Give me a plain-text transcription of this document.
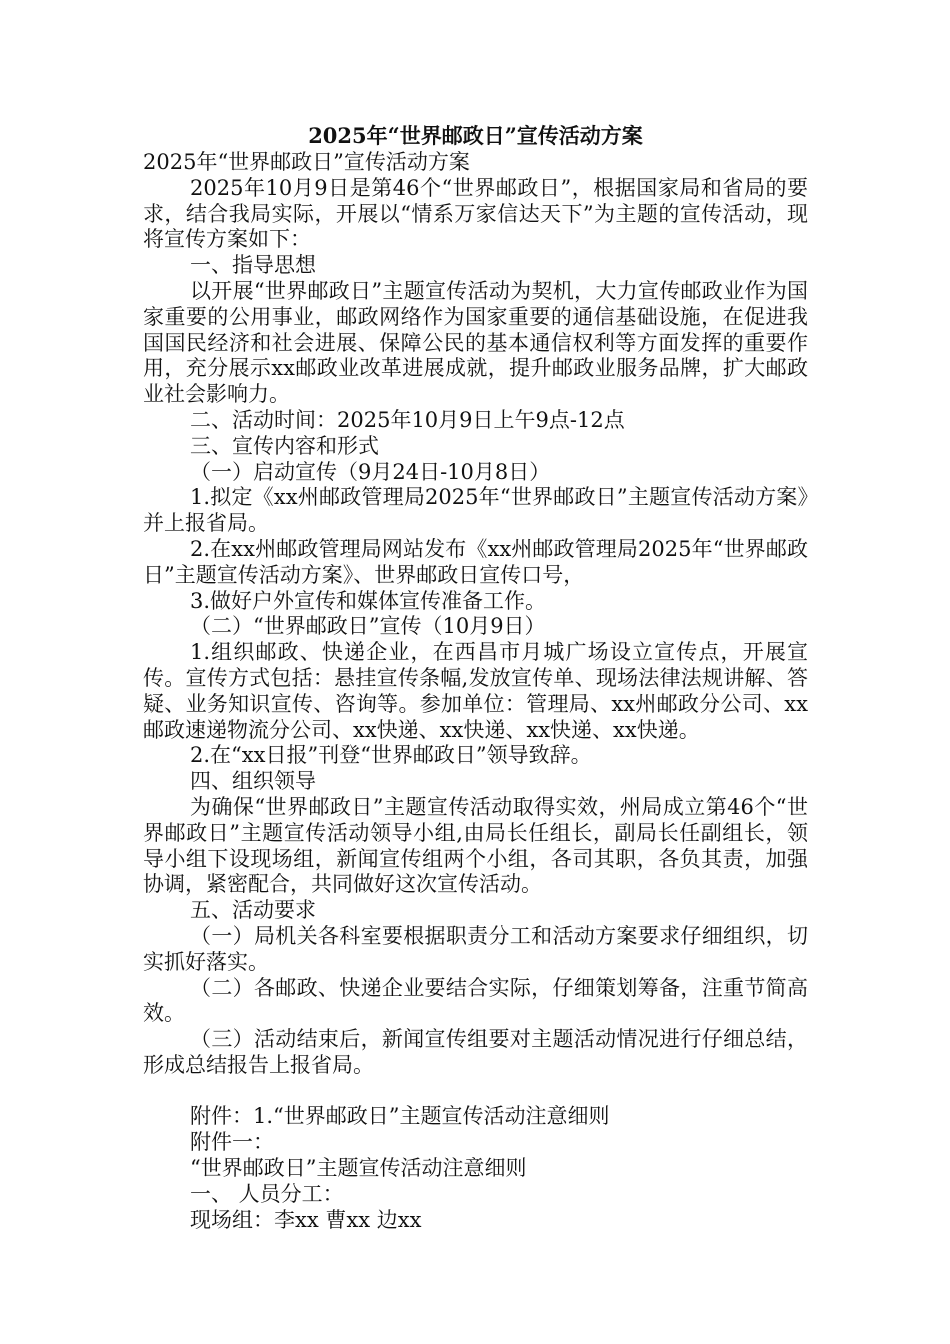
2025年“世界邮政日”宣传活动方案

2025年“世界邮政日”宣传活动方案

2025年10月9日是第46个“世界邮政日”，根据国家局和省局的要求，结合我局实际，开展以“情系万家信达天下”为主题的宣传活动，现将宣传方案如下：

一、指导思想

以开展“世界邮政日”主题宣传活动为契机，大力宣传邮政业作为国家重要的公用事业，邮政网络作为国家重要的通信基础设施，在促进我国国民经济和社会进展、保障公民的基本通信权利等方面发挥的重要作用，充分展示xx邮政业改革进展成就，提升邮政业服务品牌，扩大邮政业社会影响力。

二、活动时间：2025年10月9日上午9点-12点

三、宣传内容和形式

（一）启动宣传（9月24日-10月8日）

1.拟定《xx州邮政管理局2025年“世界邮政日”主题宣传活动方案》并上报省局。

2.在xx州邮政管理局网站发布《xx州邮政管理局2025年“世界邮政日”主题宣传活动方案》、世界邮政日宣传口号，

3.做好户外宣传和媒体宣传准备工作。

（二）“世界邮政日”宣传（10月9日）

1.组织邮政、快递企业，在西昌市月城广场设立宣传点，开展宣传。宣传方式包括：悬挂宣传条幅,发放宣传单、现场法律法规讲解、答疑、业务知识宣传、咨询等。参加单位：管理局、xx州邮政分公司、xx邮政速递物流分公司、xx快递、xx快递、xx快递、xx快递。

2.在“xx日报”刊登“世界邮政日”领导致辞。

四、组织领导

为确保“世界邮政日”主题宣传活动取得实效，州局成立第46个“世界邮政日”主题宣传活动领导小组,由局长任组长，副局长任副组长，领导小组下设现场组，新闻宣传组两个小组，各司其职，各负其责，加强协调，紧密配合，共同做好这次宣传活动。

五、活动要求

（一）局机关各科室要根据职责分工和活动方案要求仔细组织，切实抓好落实。

（二）各邮政、快递企业要结合实际，仔细策划筹备，注重节简高效。

（三）活动结束后，新闻宣传组要对主题活动情况进行仔细总结，形成总结报告上报省局。

附件：1.“世界邮政日”主题宣传活动注意细则

附件一：

“世界邮政日”主题宣传活动注意细则

一、 人员分工：

现场组：李xx 曹xx 边xx
